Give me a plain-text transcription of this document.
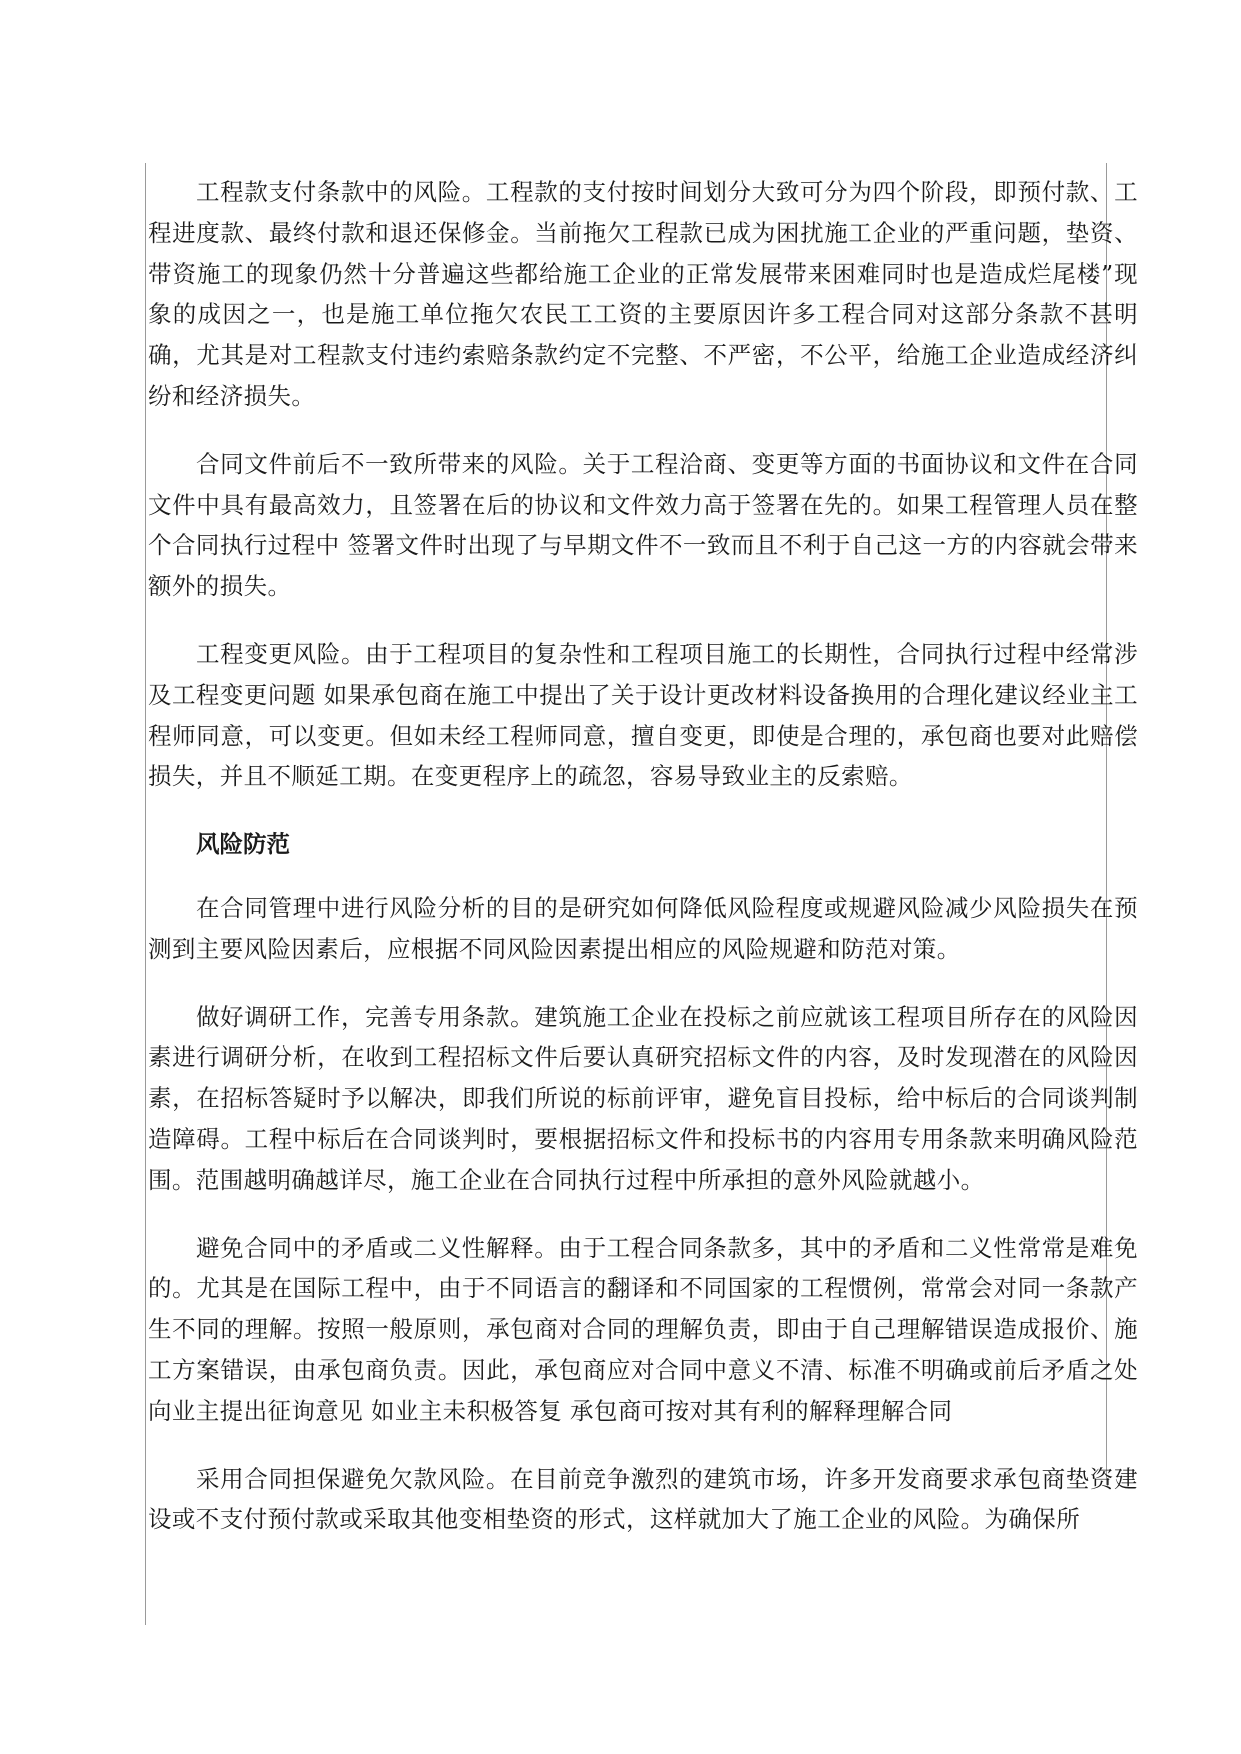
工程款支付条款中的风险。工程款的支付按时间划分大致可分为四个阶段，即预付款、工程进度款、最终付款和退还保修金。当前拖欠工程款已成为困扰施工企业的严重问题，垫资、带资施工的现象仍然十分普遍这些都给施工企业的正常发展带来困难同时也是造成烂尾楼”现象的成因之一，也是施工单位拖欠农民工工资的主要原因许多工程合同对这部分条款不甚明确，尤其是对工程款支付违约索赔条款约定不完整、不严密，不公平，给施工企业造成经济纠纷和经济损失。

合同文件前后不一致所带来的风险。关于工程洽商、变更等方面的书面协议和文件在合同文件中具有最高效力，且签署在后的协议和文件效力高于签署在先的。如果工程管理人员在整个合同执行过程中 签署文件时出现了与早期文件不一致而且不利于自己这一方的内容就会带来额外的损失。

工程变更风险。由于工程项目的复杂性和工程项目施工的长期性，合同执行过程中经常涉及工程变更问题 如果承包商在施工中提出了关于设计更改材料设备换用的合理化建议经业主工程师同意，可以变更。但如未经工程师同意，擅自变更，即使是合理的，承包商也要对此赔偿损失，并且不顺延工期。在变更程序上的疏忽，容易导致业主的反索赔。

风险防范

在合同管理中进行风险分析的目的是研究如何降低风险程度或规避风险减少风险损失在预测到主要风险因素后，应根据不同风险因素提出相应的风险规避和防范对策。

做好调研工作，完善专用条款。建筑施工企业在投标之前应就该工程项目所存在的风险因素进行调研分析，在收到工程招标文件后要认真研究招标文件的内容，及时发现潜在的风险因素，在招标答疑时予以解决，即我们所说的标前评审，避免盲目投标，给中标后的合同谈判制造障碍。工程中标后在合同谈判时，要根据招标文件和投标书的内容用专用条款来明确风险范围。范围越明确越详尽，施工企业在合同执行过程中所承担的意外风险就越小。

避免合同中的矛盾或二义性解释。由于工程合同条款多，其中的矛盾和二义性常常是难免的。尤其是在国际工程中，由于不同语言的翻译和不同国家的工程惯例，常常会对同一条款产生不同的理解。按照一般原则，承包商对合同的理解负责，即由于自己理解错误造成报价、施工方案错误，由承包商负责。因此，承包商应对合同中意义不清、标准不明确或前后矛盾之处向业主提出征询意见 如业主未积极答复 承包商可按对其有利的解释理解合同

采用合同担保避免欠款风险。在目前竞争激烈的建筑市场，许多开发商要求承包商垫资建设或不支付预付款或采取其他变相垫资的形式，这样就加大了施工企业的风险。为确保所
